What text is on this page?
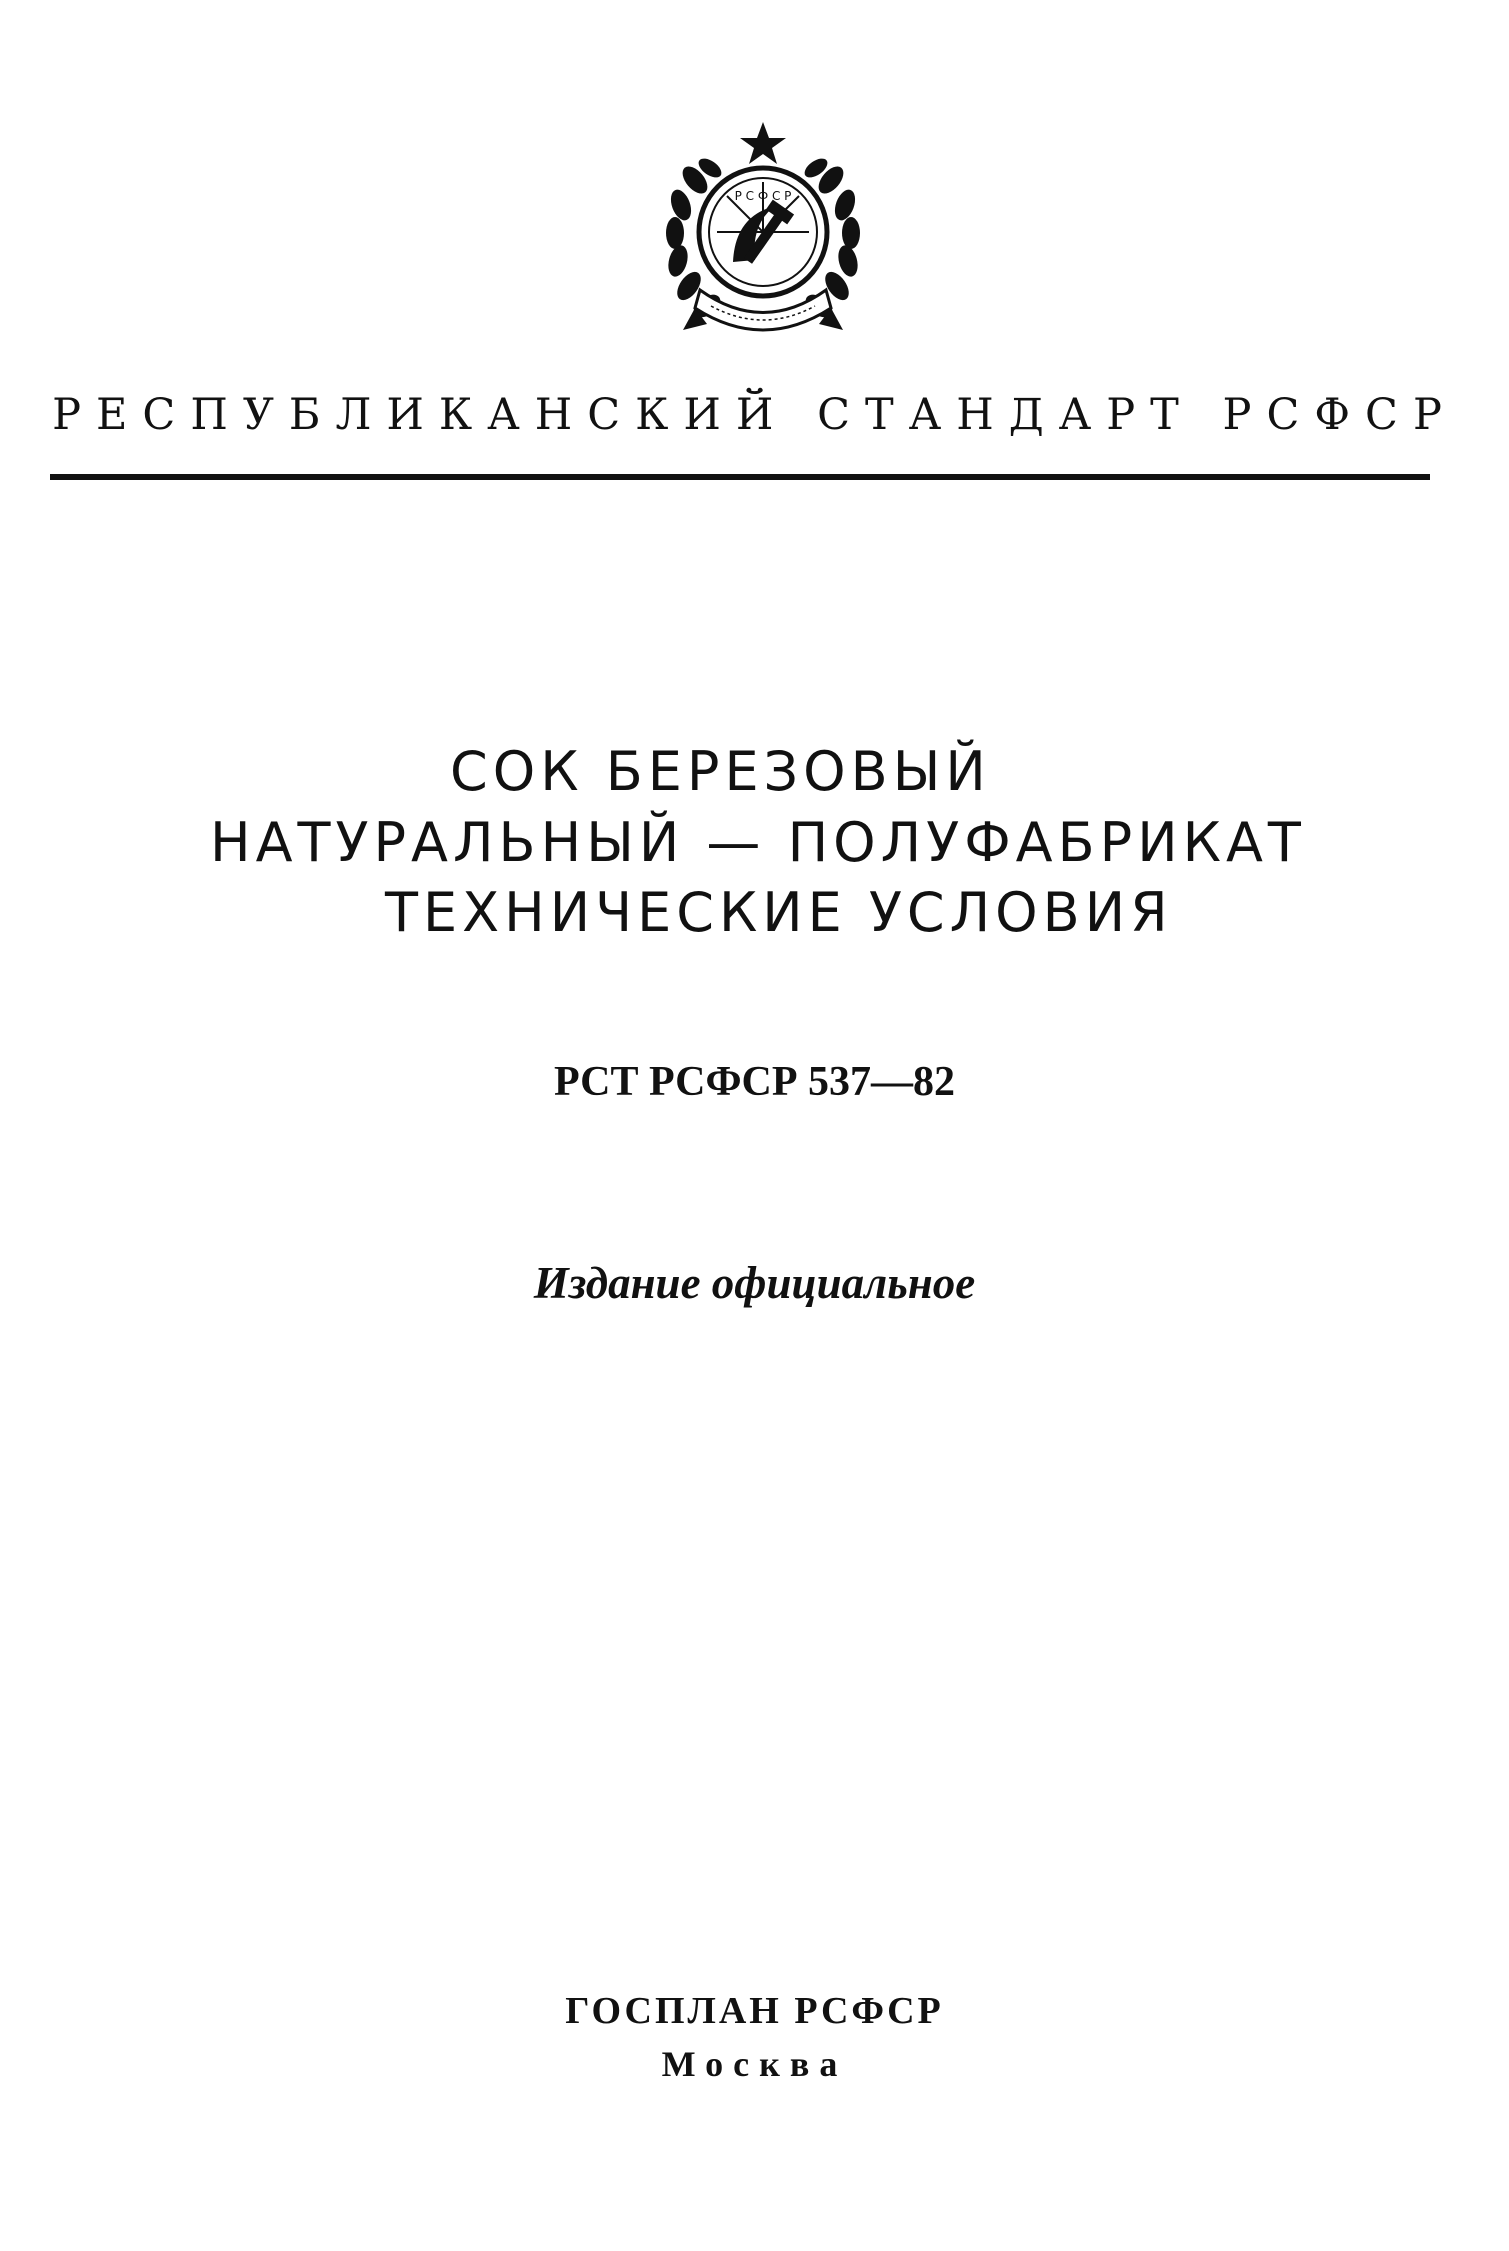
Р С Ф С Р
РЕСПУБЛИКАНСКИЙ СТАНДАРТ РСФСР
СОК БЕРЕЗОВЫЙ
НАТУРАЛЬНЫЙ — ПОЛУФАБРИКАТ
ТЕХНИЧЕСКИЕ УСЛОВИЯ
РСТ РСФСР 537—82
Издание официальное
ГОСПЛАН РСФСР
Москва
